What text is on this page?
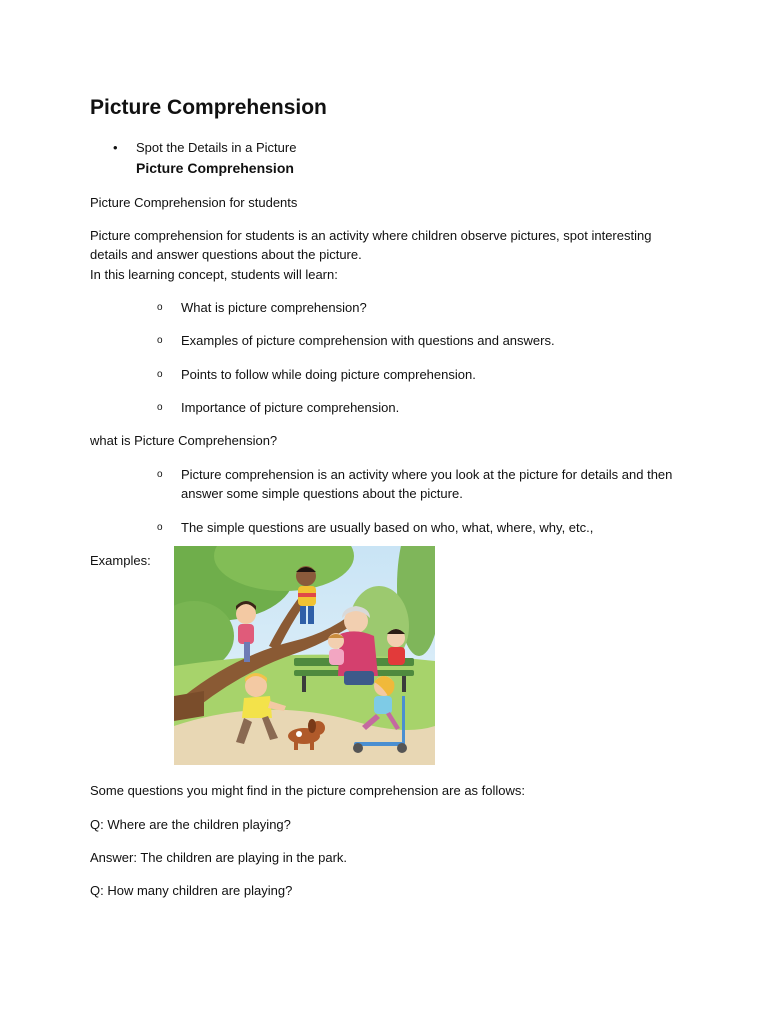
Picture Comprehension
• Spot the Details in a Picture
Picture Comprehension
Picture Comprehension for students
Picture comprehension for students is an activity where children observe pictures, spot interesting
details and answer questions about the picture.
In this learning concept, students will learn:
o What is picture comprehension?
o Examples of picture comprehension with questions and answers.
o Points to follow while doing picture comprehension.
o Importance of picture comprehension.
what is Picture Comprehension?
o Picture comprehension is an activity where you look at the picture for details and then
answer some simple questions about the picture.
o The simple questions are usually based on who, what, where, why, etc.,
Examples:
Some questions you might find in the picture comprehension are as follows:
Q: Where are the children playing?
Answer: The children are playing in the park.
Q: How many children are playing?
